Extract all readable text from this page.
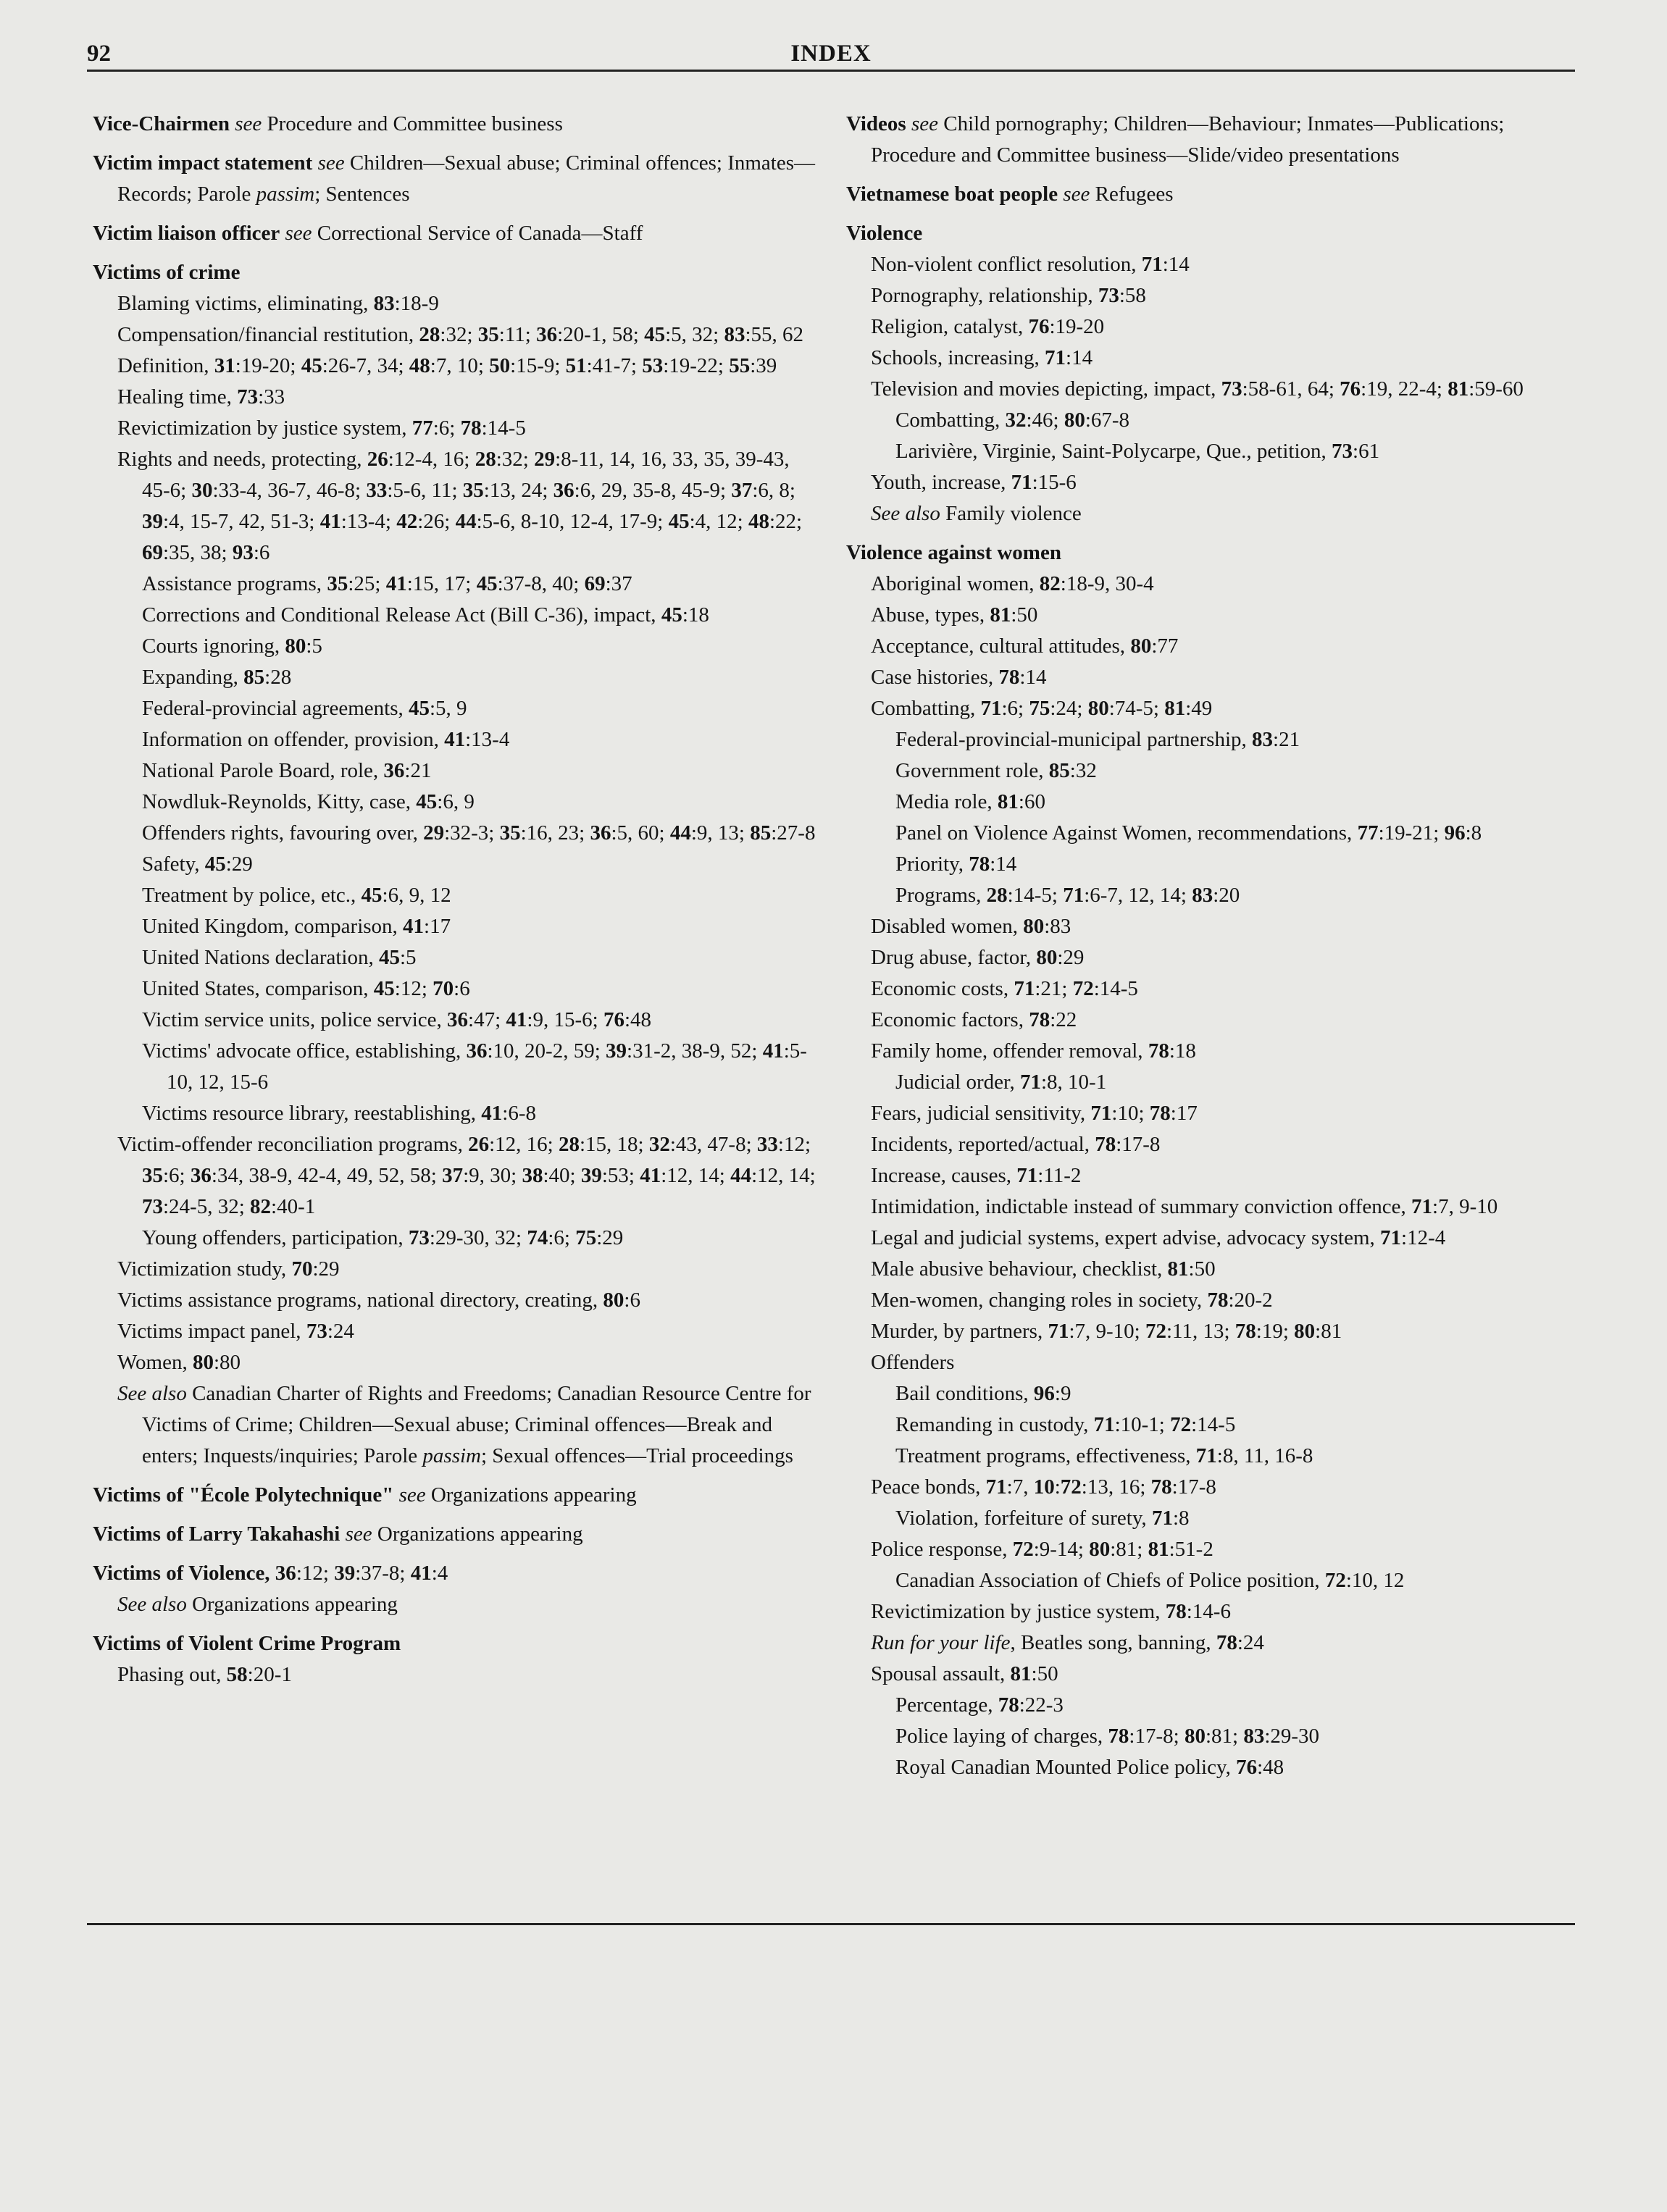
92	INDEX
Vice-Chairmen see Procedure and Committee business
Victim impact statement see Children—Sexual abuse; Criminal offences; Inmates—Records; Parole passim; Sentences
Victim liaison officer see Correctional Service of Canada—Staff
Victims of crime
Blaming victims, eliminating, 83:18-9
Compensation/financial restitution, 28:32; 35:11; 36:20-1, 58; 45:5, 32; 83:55, 62
Definition, 31:19-20; 45:26-7, 34; 48:7, 10; 50:15-9; 51:41-7; 53:19-22; 55:39
Healing time, 73:33
Revictimization by justice system, 77:6; 78:14-5
Rights and needs, protecting, 26:12-4, 16; 28:32; 29:8-11, 14, 16, 33, 35, 39-43, 45-6; 30:33-4, 36-7, 46-8; 33:5-6, 11; 35:13, 24; 36:6, 29, 35-8, 45-9; 37:6, 8; 39:4, 15-7, 42, 51-3; 41:13-4; 42:26; 44:5-6, 8-10, 12-4, 17-9; 45:4, 12; 48:22; 69:35, 38; 93:6
Assistance programs, 35:25; 41:15, 17; 45:37-8, 40; 69:37
Corrections and Conditional Release Act (Bill C-36), impact, 45:18
Courts ignoring, 80:5
Expanding, 85:28
Federal-provincial agreements, 45:5, 9
Information on offender, provision, 41:13-4
National Parole Board, role, 36:21
Nowdluk-Reynolds, Kitty, case, 45:6, 9
Offenders rights, favouring over, 29:32-3; 35:16, 23; 36:5, 60; 44:9, 13; 85:27-8
Safety, 45:29
Treatment by police, etc., 45:6, 9, 12
United Kingdom, comparison, 41:17
United Nations declaration, 45:5
United States, comparison, 45:12; 70:6
Victim service units, police service, 36:47; 41:9, 15-6; 76:48
Victims' advocate office, establishing, 36:10, 20-2, 59; 39:31-2, 38-9, 52; 41:5-10, 12, 15-6
Victims resource library, reestablishing, 41:6-8
Victim-offender reconciliation programs, 26:12, 16; 28:15, 18; 32:43, 47-8; 33:12; 35:6; 36:34, 38-9, 42-4, 49, 52, 58; 37:9, 30; 38:40; 39:53; 41:12, 14; 44:12, 14; 73:24-5, 32; 82:40-1
Young offenders, participation, 73:29-30, 32; 74:6; 75:29
Victimization study, 70:29
Victims assistance programs, national directory, creating, 80:6
Victims impact panel, 73:24
Women, 80:80
See also Canadian Charter of Rights and Freedoms; Canadian Resource Centre for Victims of Crime; Children—Sexual abuse; Criminal offences—Break and enters; Inquests/inquiries; Parole passim; Sexual offences—Trial proceedings
Victims of "École Polytechnique" see Organizations appearing
Victims of Larry Takahashi see Organizations appearing
Victims of Violence, 36:12; 39:37-8; 41:4
See also Organizations appearing
Victims of Violent Crime Program
Phasing out, 58:20-1
Videos see Child pornography; Children—Behaviour; Inmates—Publications; Procedure and Committee business—Slide/video presentations
Vietnamese boat people see Refugees
Violence
Non-violent conflict resolution, 71:14
Pornography, relationship, 73:58
Religion, catalyst, 76:19-20
Schools, increasing, 71:14
Television and movies depicting, impact, 73:58-61, 64; 76:19, 22-4; 81:59-60
Combatting, 32:46; 80:67-8
Larivière, Virginie, Saint-Polycarpe, Que., petition, 73:61
Youth, increase, 71:15-6
See also Family violence
Violence against women
Aboriginal women, 82:18-9, 30-4
Abuse, types, 81:50
Acceptance, cultural attitudes, 80:77
Case histories, 78:14
Combatting, 71:6; 75:24; 80:74-5; 81:49
Federal-provincial-municipal partnership, 83:21
Government role, 85:32
Media role, 81:60
Panel on Violence Against Women, recommendations, 77:19-21; 96:8
Priority, 78:14
Programs, 28:14-5; 71:6-7, 12, 14; 83:20
Disabled women, 80:83
Drug abuse, factor, 80:29
Economic costs, 71:21; 72:14-5
Economic factors, 78:22
Family home, offender removal, 78:18
Judicial order, 71:8, 10-1
Fears, judicial sensitivity, 71:10; 78:17
Incidents, reported/actual, 78:17-8
Increase, causes, 71:11-2
Intimidation, indictable instead of summary conviction offence, 71:7, 9-10
Legal and judicial systems, expert advise, advocacy system, 71:12-4
Male abusive behaviour, checklist, 81:50
Men-women, changing roles in society, 78:20-2
Murder, by partners, 71:7, 9-10; 72:11, 13; 78:19; 80:81
Offenders
Bail conditions, 96:9
Remanding in custody, 71:10-1; 72:14-5
Treatment programs, effectiveness, 71:8, 11, 16-8
Peace bonds, 71:7, 10:72:13, 16; 78:17-8
Violation, forfeiture of surety, 71:8
Police response, 72:9-14; 80:81; 81:51-2
Canadian Association of Chiefs of Police position, 72:10, 12
Revictimization by justice system, 78:14-6
Run for your life, Beatles song, banning, 78:24
Spousal assault, 81:50
Percentage, 78:22-3
Police laying of charges, 78:17-8; 80:81; 83:29-30
Royal Canadian Mounted Police policy, 76:48
